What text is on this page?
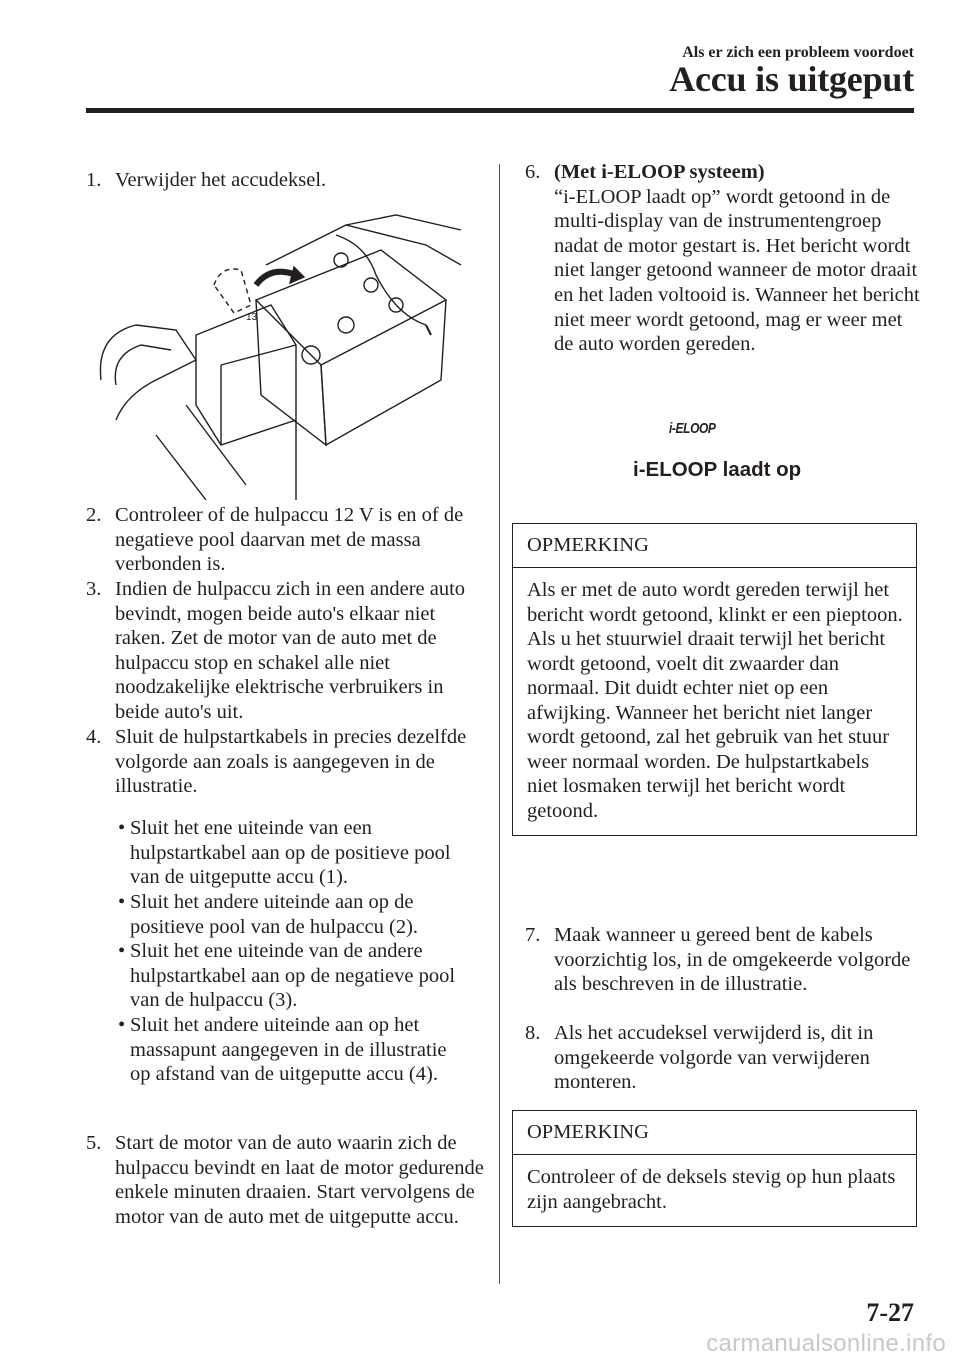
Als er zich een probleem voordoet
Accu is uitgeput
1. Verwijder het accudeksel.
13
2. Controleer of de hulpaccu 12 V is en of de negatieve pool daarvan met de massa verbonden is.
3. Indien de hulpaccu zich in een andere auto bevindt, mogen beide auto's elkaar niet raken. Zet de motor van de auto met de hulpaccu stop en schakel alle niet noodzakelijke elektrische verbruikers in beide auto's uit.
4. Sluit de hulpstartkabels in precies dezelfde volgorde aan zoals is aangegeven in de illustratie.
• Sluit het ene uiteinde van een hulpstartkabel aan op de positieve pool van de uitgeputte accu (1).
• Sluit het andere uiteinde aan op de positieve pool van de hulpaccu (2).
• Sluit het ene uiteinde van de andere hulpstartkabel aan op de negatieve pool van de hulpaccu (3).
• Sluit het andere uiteinde aan op het massapunt aangegeven in de illustratie op afstand van de uitgeputte accu (4).
5. Start de motor van de auto waarin zich de hulpaccu bevindt en laat de motor gedurende enkele minuten draaien. Start vervolgens de motor van de auto met de uitgeputte accu.
6. (Met i-ELOOP systeem)
“i-ELOOP laadt op” wordt getoond in de multi-display van de instrumentengroep nadat de motor gestart is. Het bericht wordt niet langer getoond wanneer de motor draait en het laden voltooid is. Wanneer het bericht niet meer wordt getoond, mag er weer met de auto worden gereden.
i-ELOOP
i-ELOOP laadt op
OPMERKING
Als er met de auto wordt gereden terwijl het bericht wordt getoond, klinkt er een pieptoon. Als u het stuurwiel draait terwijl het bericht wordt getoond, voelt dit zwaarder dan normaal. Dit duidt echter niet op een afwijking. Wanneer het bericht niet langer wordt getoond, zal het gebruik van het stuur weer normaal worden. De hulpstartkabels niet losmaken terwijl het bericht wordt getoond.
7. Maak wanneer u gereed bent de kabels voorzichtig los, in de omgekeerde volgorde als beschreven in de illustratie.
8. Als het accudeksel verwijderd is, dit in omgekeerde volgorde van verwijderen monteren.
OPMERKING
Controleer of de deksels stevig op hun plaats zijn aangebracht.
7-27
carmanualsonline.info
